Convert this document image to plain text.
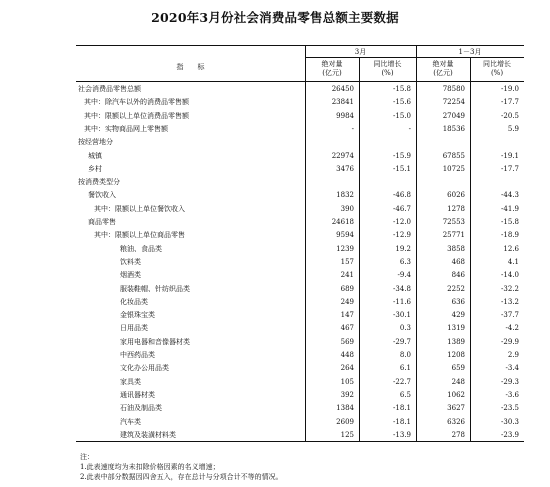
2020年3月份社会消费品零售总额主要数据
指　　标
3月	1－3月
绝对量
(亿元)
同比增长
(%)
绝对量
(亿元)
同比增长
(%)
社会消费品零售总额	26450	-15.8	78580	-19.0
其中：除汽车以外的消费品零售额	23841	-15.6	72254	-17.7
其中：限额以上单位消费品零售额	9984	-15.0	27049	-20.5
其中：实物商品网上零售额	-	-	18536	5.9
按经营地分
城镇	22974	-15.9	67855	-19.1
乡村	3476	-15.1	10725	-17.7
按消费类型分
餐饮收入	1832	-46.8	6026	-44.3
其中：限额以上单位餐饮收入	390	-46.7	1278	-41.9
商品零售	24618	-12.0	72553	-15.8
其中：限额以上单位商品零售	9594	-12.9	25771	-18.9
粮油、食品类	1239	19.2	3858	12.6
饮料类	157	6.3	468	4.1
烟酒类	241	-9.4	846	-14.0
服装鞋帽、针纺织品类	689	-34.8	2252	-32.2
化妆品类	249	-11.6	636	-13.2
金银珠宝类	147	-30.1	429	-37.7
日用品类	467	0.3	1319	-4.2
家用电器和音像器材类	569	-29.7	1389	-29.9
中西药品类	448	8.0	1208	2.9
文化办公用品类	264	6.1	659	-3.4
家具类	105	-22.7	248	-29.3
通讯器材类	392	6.5	1062	-3.6
石油及制品类	1384	-18.1	3627	-23.5
汽车类	2609	-18.1	6326	-30.3
建筑及装潢材料类	125	-13.9	278	-23.9
注：
1.此表速度均为未扣除价格因素的名义增速；
2.此表中部分数据因四舍五入，存在总计与分项合计不等的情况。
